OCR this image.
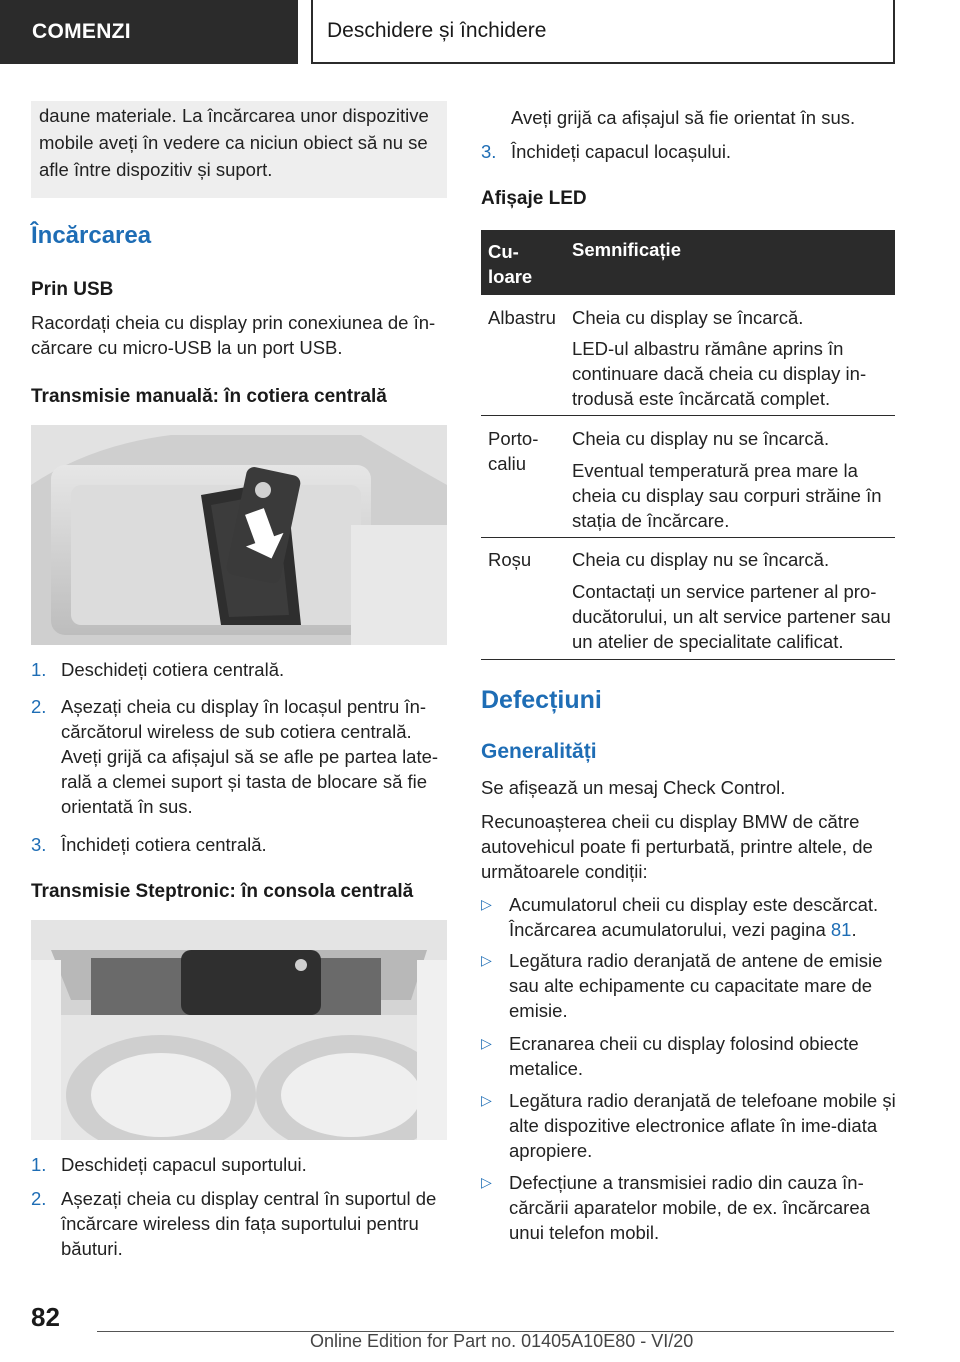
COMENZI	Deschidere și închidere
daune materiale. La încărcarea unor dispozitive mobile aveți în vedere ca niciun obiect să nu se afle între dispozitiv și suport.
Încărcarea
Prin USB
Racordați cheia cu display prin conexiunea de în-cărcare cu micro-USB la un port USB.
Transmisie manuală: în cotiera centrală
1. Deschideți cotiera centrală.
2. Așezați cheia cu display în locașul pentru în-cărcătorul wireless de sub cotiera centrală.
Aveți grijă ca afișajul să se afle pe partea late-rală a clemei suport și tasta de blocare să fie orientată în sus.
3. Închideți cotiera centrală.
Transmisie Steptronic: în consola centrală
1. Deschideți capacul suportului.
2. Așezați cheia cu display central în suportul de încărcare wireless din fața suportului pentru băuturi.
Aveți grijă ca afișajul să fie orientat în sus.
3. Închideți capacul locașului.
Afișaje LED
Cu-loare
Semnificație
Albastru Cheia cu display se încarcă.
LED-ul albastru rămâne aprins în continuare dacă cheia cu display in-trodusă este încărcată complet.
Porto-caliu
Cheia cu display nu se încarcă.
Eventual temperatură prea mare la cheia cu display sau corpuri străine în stația de încărcare.
Roșu	Cheia cu display nu se încarcă.
Contactați un service partener al pro-ducătorului, un alt service partener sau un atelier de specialitate calificat.
Defecțiuni
Generalități
Se afișează un mesaj Check Control.
Recunoașterea cheii cu display BMW de către autovehicul poate fi perturbată, printre altele, de următoarele condiții:
▷ Acumulatorul cheii cu display este descărcat. Încărcarea acumulatorului, vezi pagina 81.
▷ Legătura radio deranjată de antene de emisie sau alte echipamente cu capacitate mare de emisie.
▷ Ecranarea cheii cu display folosind obiecte metalice.
▷ Legătura radio deranjată de telefoane mobile și alte dispozitive electronice aflate în ime-diata apropiere.
▷ Defecțiune a transmisiei radio din cauza în-cărcării aparatelor mobile, de ex. încărcarea unui telefon mobil.
82
Online Edition for Part no. 01405A10E80 - VI/20
